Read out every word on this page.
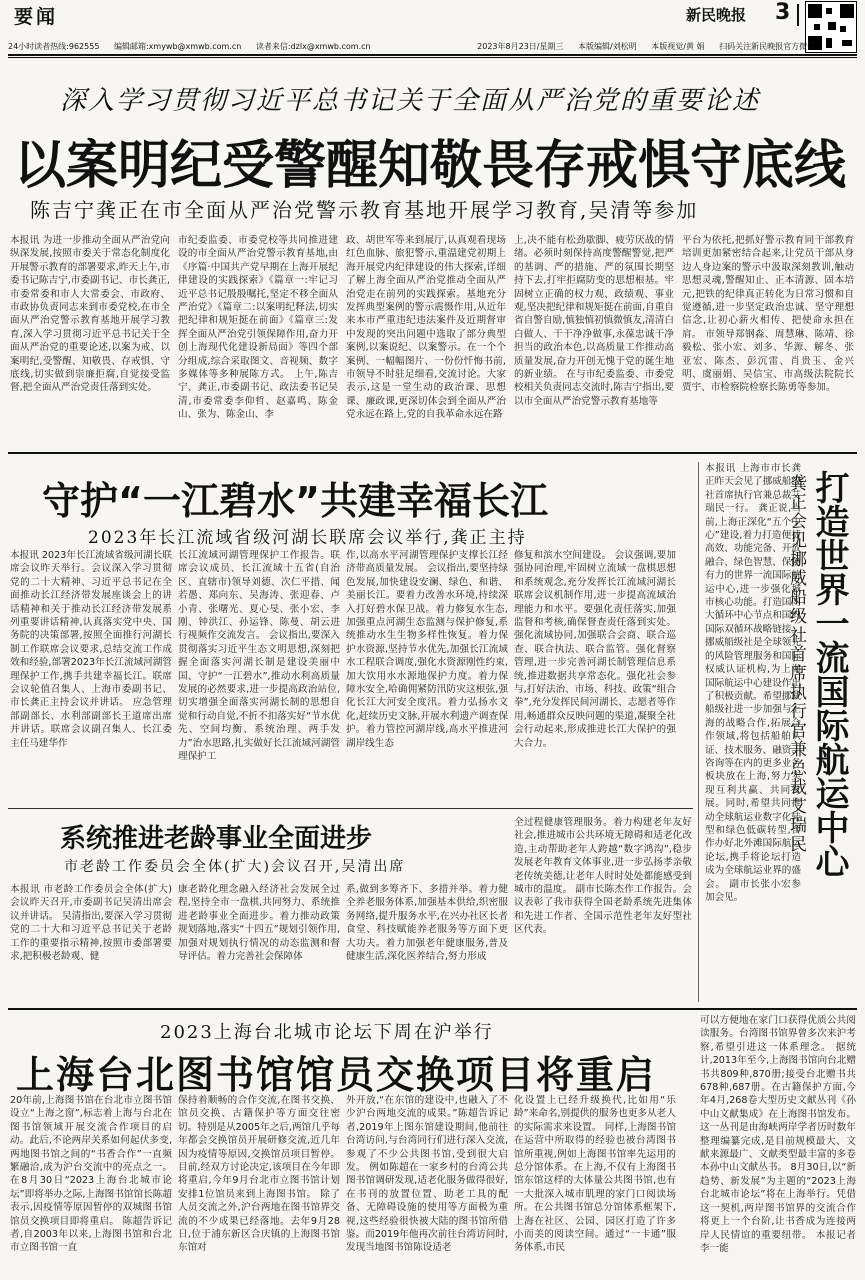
要闻	新民晚报 3
24小时读者热线:962555 编辑邮箱:xmywb@xmwb.com.cn 读者来信:dzlx@xmwb.com.cn	2023年8月23日/星期三 本版编辑/刘松明 本版视觉/黄 娟 扫码关注新民晚报官方微信
深入学习贯彻习近平总书记关于全面从严治党的重要论述
以案明纪受警醒知敬畏存戒惧守底线
陈吉宁龚正在市全面从严治党警示教育基地开展学习教育,吴清等参加
本报讯 为进一步推动全面从严治党向纵深发展,按照市委关于常态化制度化开展警示教育的部署要求,昨天上午,市委书记陈吉宁,市委副书记、市长龚正,市委常委和市人大常委会、市政府、市政协负责同志来到市委党校,在市全面从严治党警示教育基地开展学习教育,深入学习贯彻习近平总书记关于全面从严治党的重要论述,以案为戒、以案明纪,受警醒、知敬畏、存戒惧、守底线,切实做到崇廉拒腐,自觉接受监督,把全面从严治党责任落到实处。
市纪委监委、市委党校等共同推进建设的市全面从严治党警示教育基地,由《序篇·中国共产党早期在上海开展纪律建设的实践探索》《篇章一:牢记习近平总书记殷殷嘱托,坚定不移全面从严治党》《篇章二:以案明纪释法,切实把纪律和规矩挺在前面》《篇章三:发挥全面从严治党引领保障作用,奋力开创上海现代化建设新局面》等四个部分组成,综合采取图文、音视频、数字多媒体等多种展陈方式。 上午,陈吉宁、龚正,市委副书记、政法委书记吴清,市委常委李仰哲、赵嘉鸣、陈金山、张为、陈金山、李
政、胡世军等来到展厅,认真观看现场红色血脉、旅犯警示,重温建党初期上海开展党内纪律建设的伟大探索,详细了解上海全面从严治党推动全面从严治党走在前列的实践探索。基地充分发挥典型案例的警示震慑作用,从近年来本市严重违纪违法案件及近期督审中发现的突出问题中选取了部分典型案例,以案说纪、以案警示。在一个个案例、一幅幅图片、一份份忏悔书前,市领导不时驻足细看,交流讨论。大家表示,这是一堂生动的政治课、思想课、廉政课,更深切体会到全面从严治党永远在路上,党的自我革命永远在路
上,决不能有松劲歇脚、疲劳厌战的情绪。必须时刻保持高度警醒警觉,把严的基调、严的措施、严的氛围长期坚持下去,打牢拒腐防变的思想根基。牢固树立正确的权力观、政绩观、事业观,坚决把纪律和规矩挺在前面,自重自省自警自励,慎独慎初慎微慎友,清清白白做人、干干净净做事,永葆忠诚干净担当的政治本色,以高质量工作推动高质量发展,奋力开创无愧于党的诞生地的新业绩。 在与市纪委监委、市委党校相关负责同志交流时,陈吉宁指出,要以市全面从严治党警示教育基地等
平台为依托,把抓好警示教育同干部教育培训更加紧密结合起来,让党员干部从身边人身边案的警示中汲取深刻教训,触动思想灵魂,警醒知止、正本清源、固本培元,把铁的纪律真正转化为日常习惯和自觉遵循,进一步坚定政治忠诚、坚守理想信念,让初心薪火相传、把使命永担在肩。 市领导郑钢淼、周慧琳、陈靖、徐毅松、张小宏、刘多、华源、解冬、张亚宏、陈杰、彭沉雷、肖贵玉、金兴明、虞丽娟、吴信宝、市高级法院院长贾宇、市检察院检察长陈勇等参加。
守护“一江碧水”共建幸福长江
2023年长江流域省级河湖长联席会议举行,龚正主持
本报讯 2023年长江流域省级河湖长联席会议昨天举行。会议深入学习贯彻党的二十大精神、习近平总书记在全面推动长江经济带发展座谈会上的讲话精神和关于推动长江经济带发展系列重要讲话精神,认真落实党中央、国务院的决策部署,按照全面推行河湖长制工作联席会议要求,总结交流工作成效和经验,部署2023年长江流域河湖管理保护工作,携手共建幸福长江。联席会议轮值召集人、上海市委副书记、市长龚正主持会议并讲话。 应急管理部副部长、水利部副部长王道席出席并讲话。联席会议副召集人、长江委主任马建华作
长江流域河湖管理保护工作报告。联席会议成员、长江流域十五省(自治区、直辖市)领导刘德、次仁平措、闻若愚、郑向东、吴海涛、张迎春、卢小青、张曙光、夏心旻、张小宏、李刚、钟洪江、孙运锋、陈曼、胡云进行视频作交流发言。 会议指出,要深入贯彻落实习近平生态文明思想,深刻把握全面落实河湖长制是建设美丽中国、守护“一江碧水”,推动水利高质量发展的必然要求,进一步提高政治站位,切实增强全面落实河湖长制的思想自觉和行动自觉,不折不扣落实好“节水优先、空间均衡、系统治理、两手发力”治水思路,扎实做好长江流域河湖管理保护工
作,以高水平河湖管理保护支撑长江经济带高质量发展。 会议指出,要坚持绿色发展,加快建设安澜、绿色、和谐、美丽长江。要着力改善水环境,持续深入打好碧水保卫战。着力修复水生态,加强重点河湖生态监测与保护修复,系统推动水生生物多样性恢复。着力保护水资源,坚持节水优先,加强长江流域水工程联合调度,强化水资源刚性约束,加大饮用水水源地保护力度。着力保障水安全,哈确佣紧防汛防灾这根弦,强化长江大河安全度汛。着力弘扬水文化,赶续历史文脉,开展水利遗产调查保护。着力管控河湖岸线,高水平推进河湖岸线生态
修复和滨水空间建设。 会议强调,要加强协同治理,牢固树立流域一盘棋思想和系统观念,充分发挥长江流域河湖长联席会议机制作用,进一步提高流域治理能力和水平。要强化责任落实,加强监督和考核,确保督查责任落到实处。强化流域协同,加强联合会商、联合巡查、联合执法、联合监管。强化督察管理,进一步完善河湖长制管理信息系统,推进数据共享常态化。强化社会参与,打好法治、市场、科技、政策“组合拳”,充分发挥民间河湖长、志愿者等作用,畅通群众反映问题的渠道,凝聚全社会行动起来,形成推进长江大保护的强大合力。
本报讯 上海市市长龚正昨天会见了挪威船级社首席执行官兼总裁艾瑞民一行。 龚正说,当前,上海正深化“五个中心”建设,着力打造便捷高效、功能完备、开放融合、绿色智慧、保障有力的世界一流国际航运中心,进一步强化城市核心功能。打造国内大循环中心节点和国内国际双循环战略链接。挪威船级社是全球领先的风险管理服务和国际权威认证机构,为上海国际航运中心建设作出了积极贡献。希望挪威船级社进一步加强与上海的战略合作,拓展合作领域,将包括船舶认证、技术服务、融资、咨询等在内的更多业务板块放在上海,努力实现互利共赢、共同发展。同时,希望共同推动全球航运业数字化转型和绿色低碳转型,合作办好北外滩国际航运论坛,携手将论坛打造成为全球航运业界的盛会。 副市长张小宏参加会见。
打造世界一流国际航运中心
龚正会见挪威船级社首席执行官兼总裁艾瑞民
系统推进老龄事业全面进步
市老龄工作委员会全体(扩大)会议召开,吴清出席
本报讯 市老龄工作委员会全体(扩大)会议昨天召开,市委副书记吴清出席会议并讲话。 吴清指出,要深入学习贯彻党的二十大和习近平总书记关于老龄工作的重要指示精神,按照市委部署要求,把积极老龄观、健
康老龄化理念融入经济社会发展全过程,坚持全市一盘棋,共同努力、系统推进老龄事业全面进步。着力推动政策规划落地,落实“十四五”规划引领作用,加强对规划执行情况的动态监测和督导评估。着力完善社会保障体
系,做到多筹齐下、多措并举。着力健全养老服务体系,加强基本供给,织密服务网络,提升服务水平,在兴办社区长者食堂、科技赋能养老服务等方面下更大功夫。着力加强老年健康服务,普及健康生活,深化医养结合,努力形成
全过程健康管理服务。着力构建老年友好社会,推进城市公共环境无障碍和适老化改造,主动帮助老年人跨越“数字鸿沟”,稳步发展老年教育文体事业,进一步弘扬孝亲敬老传统美德,让老年人时时处处都能感受到城市的温度。 副市长陈杰作工作报告。会议表彰了我市获得全国老龄系统先进集体和先进工作者、全国示范性老年友好型社区代表。
2023上海台北城市论坛下周在沪举行
上海台北图书馆馆员交换项目将重启
20年前,上海图书馆在台北市立图书馆设立“上海之窗”,标志着上海与台北在图书馆领域开展交流合作项目的启动。此后,不论两岸关系如何起伏多变,两地图书馆之间的“书香合作”一直频繁融洽,成为沪台交流中的亮点之一。在8月30日“2023上海台北城市论坛”即将举办之际,上海图书馆馆长陈超表示,因疫情等原因暂停的双城图书馆馆员交换项目即将重启。 陈超告诉记者,自2003年以来,上海图书馆和台北市立图书馆一直
保持着顺畅的合作交流,在图书交换、馆员交换、古籍保护等方面交往密切。特别是从2005年之后,两馆几乎每年都会交换馆员开展研修交流,近几年因为疫情等原因,交换馆员项目暂停。目前,经双方讨论决定,该项目在今年即将重启,今年9月台北市立图书馆计划安排1位馆员来到上海图书馆。 除了人员交流之外,沪台两地在图书馆界交流的不少成果已经落地。去年9月28日,位于浦东新区合庆镇的上海图书馆东馆对
外开放,“在东馆的建设中,也融入了不少沪台两地交流的成果。”陈超告诉记者,2019年上图东馆建设期间,他前往台湾访问,与台湾同行们进行深入交流,参观了不少公共图书馆,受到很大启发。 例如陈超在一家乡村的台湾公共图书馆调研发现,适老化服务做得很好,在书刊的放置位置、助老工具的配备、无障碍设施的使用等方面极为重视,这些经验很快被大陆的图书馆所借鉴。而2019年他再次前往台湾访问时,发现当地图书馆陈设适老
化设置上已经升级换代,比如用“乐龄”来命名,别提供的服务也更多从老人的实际需求来设置。 同样,上海图书馆在运营中所取得的经验也被台湾图书馆所重视,例如上海图书馆率先运用的总分馆体系。在上海,不仅有上海图书馆东馆这样的大体量公共图书馆,也有一大批深入城市肌理的家门口阅读场所。在公共图书馆总分馆体系框架下,上海在社区、公园、园区打造了许多小而美的阅读空间。通过“一卡通”服务体系,市民
可以方便地在家门口获得优质公共阅读服务。台湾图书馆界曾多次来沪考察,希望引进这一体系理念。 据统计,2013年至今,上海图书馆向台北赠书共809种,870册;接受台北赠书共678种,687册。在古籍保护方面,今年4月,268卷大型历史文献丛刊《孙中山文献集成》在上海图书馆发布。这一丛刊是由海峡两岸学者历时数年整理编纂完成,是目前规模最大、文献来源最广、文献类型最丰富的多卷本孙中山文献丛书。 8月30日,以“新趋势、新发展”为主题的“2023上海台北城市论坛”将在上海举行。凭借这一契机,两岸图书馆界的交流合作将更上一个台阶,让书香成为连接两岸人民情谊的重要纽带。 本报记者 李一能
